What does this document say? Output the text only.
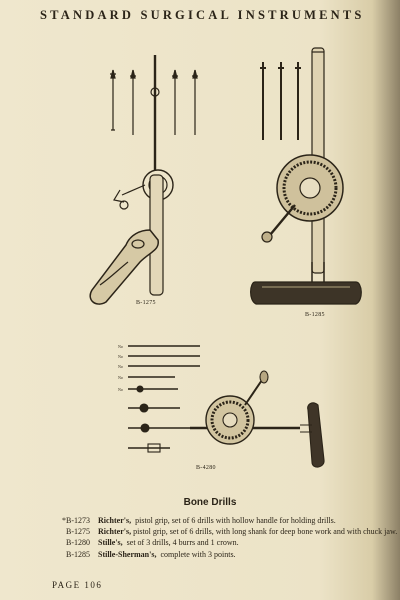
STANDARD SURGICAL INSTRUMENTS
No
No
No
No
No
B-1275
B-1285
B-4280
Bone Drills
*B-1273	Richter's, pistol grip, set of 6 drills with hollow handle for holding drills.
B-1275	Richter's, pistol grip, set of 6 drills, with long shank for deep bone work and with chuck jaw.
B-1280	Stille's, set of 3 drills, 4 burrs and 1 crown.
B-1285	Stille-Sherman's, complete with 3 points.
PAGE 106
